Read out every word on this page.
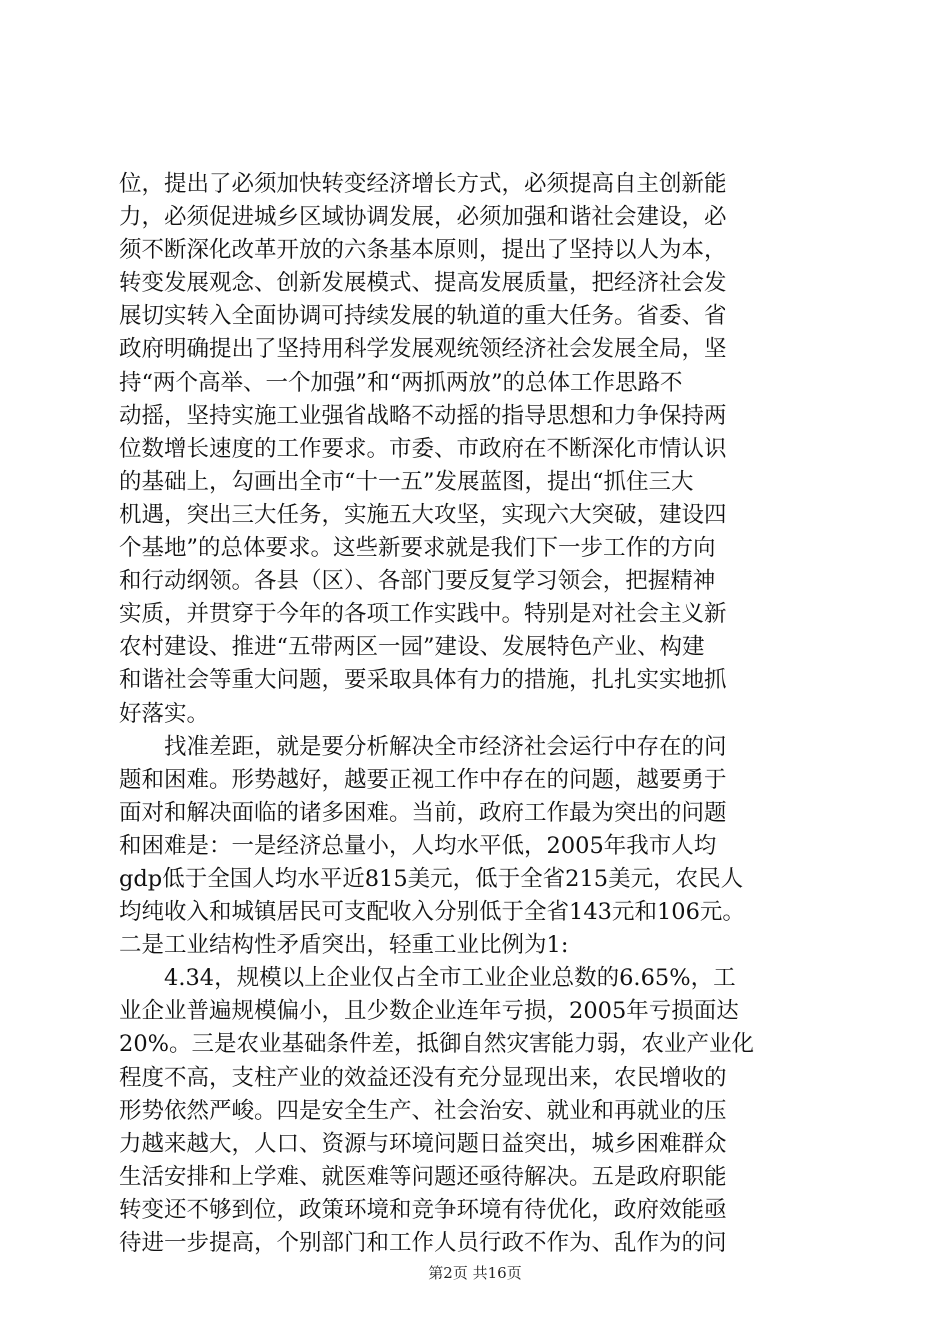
位，提出了必须加快转变经济增长方式，必须提高自主创新能
力，必须促进城乡区域协调发展，必须加强和谐社会建设，必
须不断深化改革开放的六条基本原则，提出了坚持以人为本，
转变发展观念、创新发展模式、提高发展质量，把经济社会发
展切实转入全面协调可持续发展的轨道的重大任务。省委、省
政府明确提出了坚持用科学发展观统领经济社会发展全局，坚
持“两个高举、一个加强”和“两抓两放”的总体工作思路不
动摇，坚持实施工业强省战略不动摇的指导思想和力争保持两
位数增长速度的工作要求。市委、市政府在不断深化市情认识
的基础上，勾画出全市“十一五”发展蓝图，提出“抓住三大
机遇，突出三大任务，实施五大攻坚，实现六大突破，建设四
个基地”的总体要求。这些新要求就是我们下一步工作的方向
和行动纲领。各县（区）、各部门要反复学习领会，把握精神
实质，并贯穿于今年的各项工作实践中。特别是对社会主义新
农村建设、推进“五带两区一园”建设、发展特色产业、构建
和谐社会等重大问题，要采取具体有力的措施，扎扎实实地抓
好落实。

　　找准差距，就是要分析解决全市经济社会运行中存在的问
题和困难。形势越好，越要正视工作中存在的问题，越要勇于
面对和解决面临的诸多困难。当前，政府工作最为突出的问题
和困难是：一是经济总量小，人均水平低，2005年我市人均
gdp低于全国人均水平近815美元，低于全省215美元，农民人
均纯收入和城镇居民可支配收入分别低于全省143元和106元。
二是工业结构性矛盾突出，轻重工业比例为1:

　　4.34，规模以上企业仅占全市工业企业总数的6.65%，工
业企业普遍规模偏小，且少数企业连年亏损，2005年亏损面达
20%。三是农业基础条件差，抵御自然灾害能力弱，农业产业化
程度不高，支柱产业的效益还没有充分显现出来，农民增收的
形势依然严峻。四是安全生产、社会治安、就业和再就业的压
力越来越大，人口、资源与环境问题日益突出，城乡困难群众
生活安排和上学难、就医难等问题还亟待解决。五是政府职能
转变还不够到位，政策环境和竞争环境有待优化，政府效能亟
待进一步提高，个别部门和工作人员行政不作为、乱作为的问

第2页 共16页
